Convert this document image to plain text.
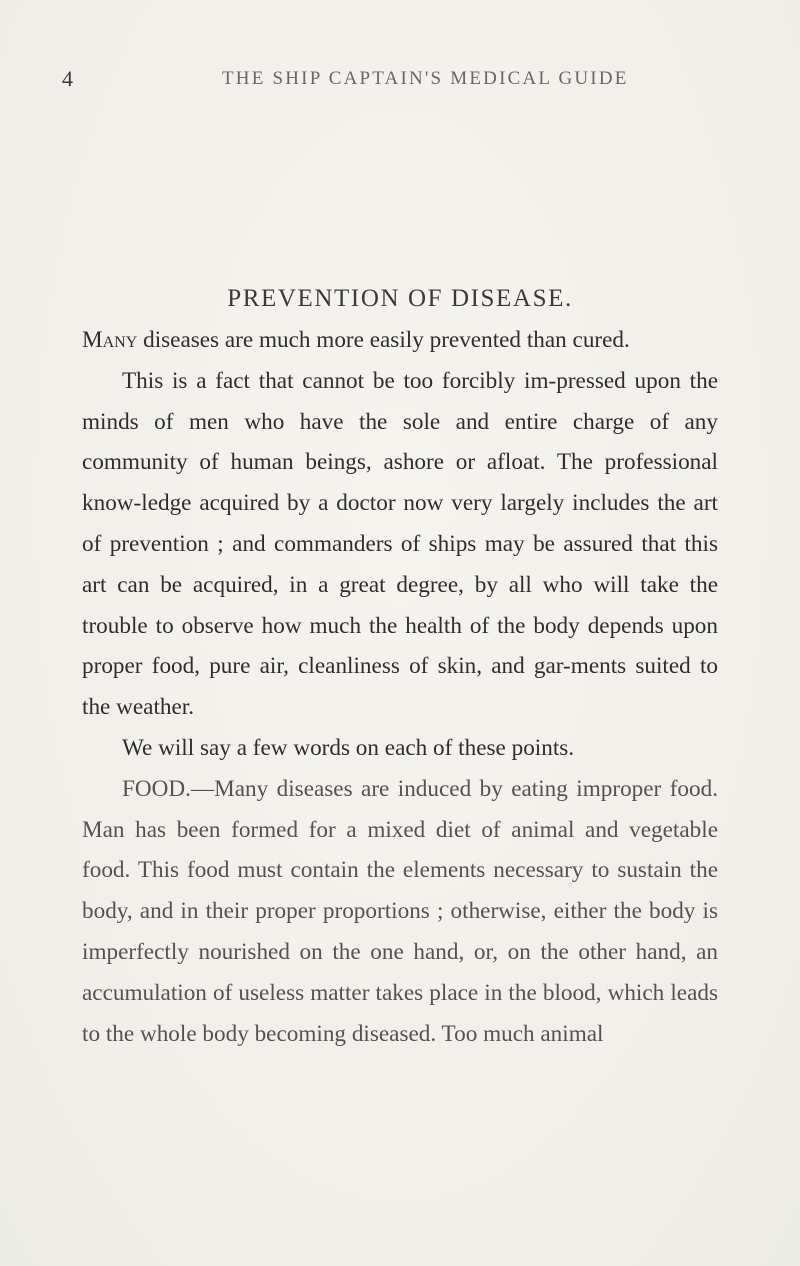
4	THE SHIP CAPTAIN'S MEDICAL GUIDE
PREVENTION OF DISEASE.

Many diseases are much more easily prevented than cured.

This is a fact that cannot be too forcibly im-pressed upon the minds of men who have the sole and entire charge of any community of human beings, ashore or afloat. The professional know-ledge acquired by a doctor now very largely includes the art of prevention ; and commanders of ships may be assured that this art can be acquired, in a great degree, by all who will take the trouble to observe how much the health of the body depends upon proper food, pure air, cleanliness of skin, and gar-ments suited to the weather.

We will say a few words on each of these points.

FOOD.—Many diseases are induced by eating improper food. Man has been formed for a mixed diet of animal and vegetable food. This food must contain the elements necessary to sustain the body, and in their proper proportions ; otherwise, either the body is imperfectly nourished on the one hand, or, on the other hand, an accumulation of useless matter takes place in the blood, which leads to the whole body becoming diseased. Too much animal
